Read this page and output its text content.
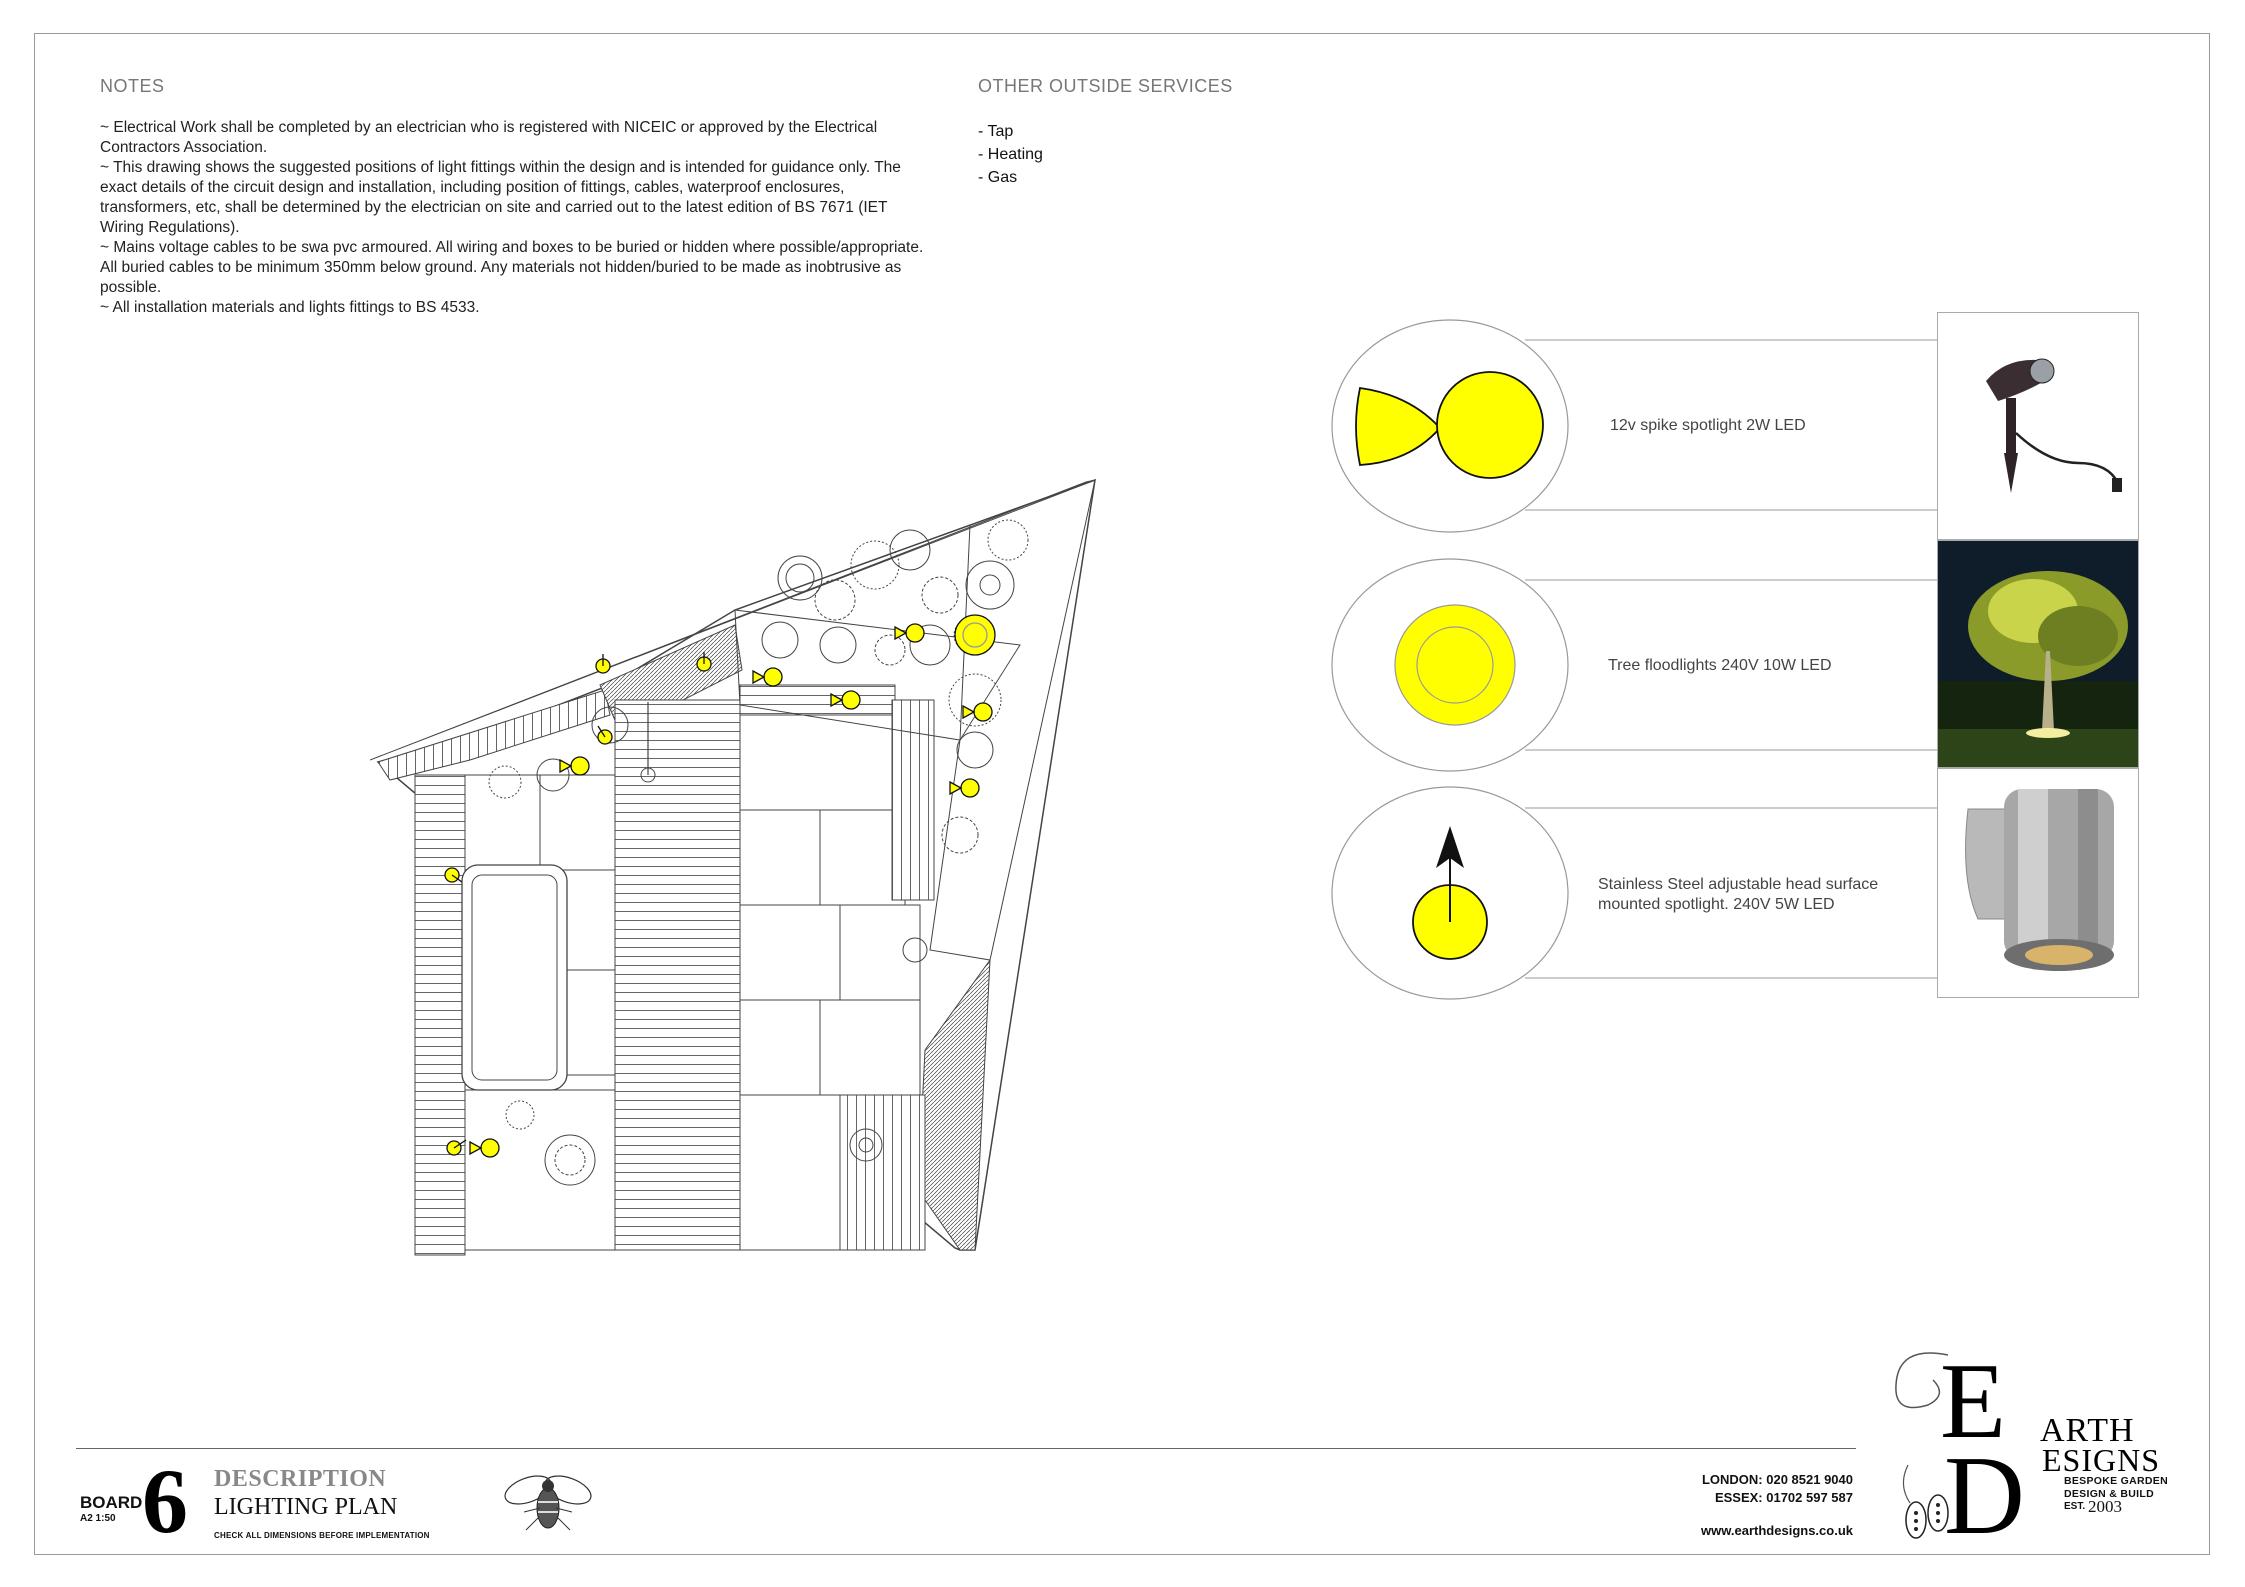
NOTES
~ Electrical Work shall be completed by an electrician who is registered with NICEIC or approved by the Electrical Contractors Association.
~ This drawing shows the suggested positions of light fittings within the design and is intended for guidance only. The exact details of the circuit design and installation, including position of fittings, cables, waterproof enclosures, transformers, etc, shall be determined by the electrician on site and carried out to the latest edition of BS 7671 (IET Wiring Regulations).
~ Mains voltage cables to be swa pvc armoured. All wiring and boxes to be buried or hidden where possible/appropriate. All buried cables to be minimum 350mm below ground. Any materials not hidden/buried to be made as inobtrusive as possible.
~ All installation materials and lights fittings to BS 4533.
OTHER OUTSIDE SERVICES
- Tap
- Heating
- Gas
12v spike spotlight 2W LED
Tree floodlights 240V 10W LED
Stainless Steel adjustable head surface
mounted spotlight. 240V 5W LED
BOARD
A2 1:50 6 DESCRIPTION
LIGHTING PLAN
CHECK ALL DIMENSIONS BEFORE IMPLEMENTATION
LONDON: 020 8521 9040
ESSEX: 01702 597 587
www.earthdesigns.co.uk
E ARTH
D ESIGNS
BESPOKE GARDEN
DESIGN & BUILD
EST. 2003
